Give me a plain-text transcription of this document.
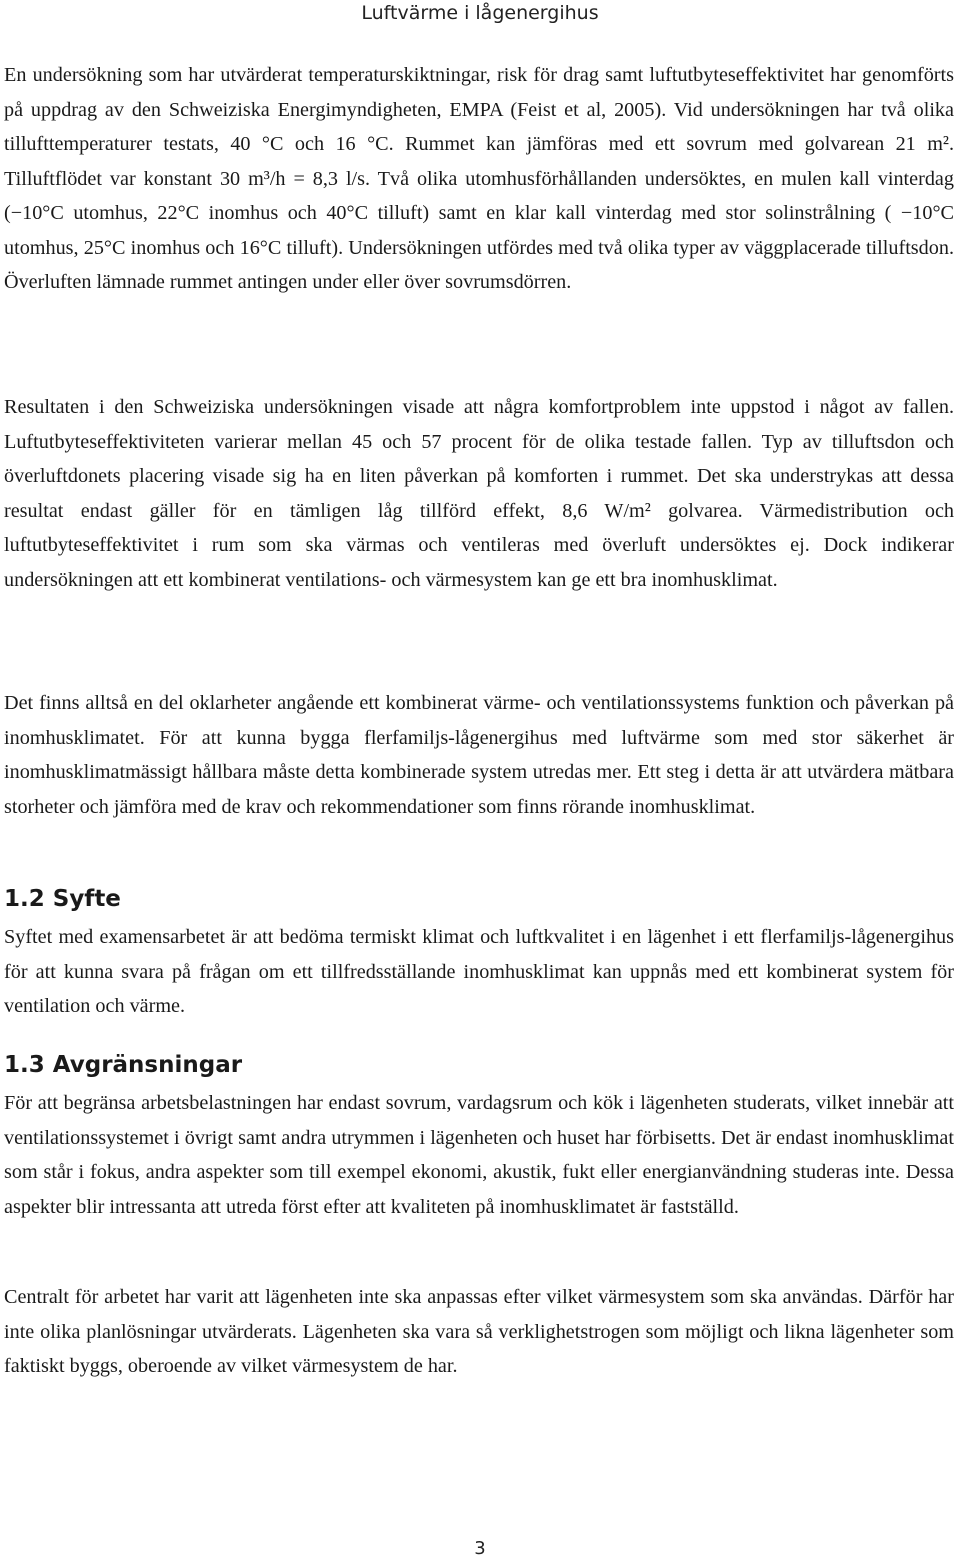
Luftvärme i lågenergihus

En undersökning som har utvärderat temperaturskiktningar, risk för drag samt luftutbyteseffektivitet har genomförts på uppdrag av den Schweiziska Energimyndigheten, EMPA (Feist et al, 2005). Vid undersökningen har två olika tillufttemperaturer testats, 40 °C och 16 °C. Rummet kan jämföras med ett sovrum med golvarean 21 m². Tilluftflödet var konstant 30 m³/h = 8,3 l/s. Två olika utomhusförhållanden undersöktes, en mulen kall vinterdag (−10°C utomhus, 22°C inomhus och 40°C tilluft) samt en klar kall vinterdag med stor solinstrålning ( −10°C utomhus, 25°C inomhus och 16°C tilluft). Undersökningen utfördes med två olika typer av väggplacerade tilluftsdon. Överluften lämnade rummet antingen under eller över sovrumsdörren.

Resultaten i den Schweiziska undersökningen visade att några komfortproblem inte uppstod i något av fallen. Luftutbyteseffektiviteten varierar mellan 45 och 57 procent för de olika testade fallen. Typ av tilluftsdon och överluftdonets placering visade sig ha en liten påverkan på komforten i rummet. Det ska understrykas att dessa resultat endast gäller för en tämligen låg tillförd effekt, 8,6 W/m² golvarea. Värmedistribution och luftutbyteseffektivitet i rum som ska värmas och ventileras med överluft undersöktes ej. Dock indikerar undersökningen att ett kombinerat ventilations- och värmesystem kan ge ett bra inomhusklimat.

Det finns alltså en del oklarheter angående ett kombinerat värme- och ventilationssystems funktion och påverkan på inomhusklimatet. För att kunna bygga flerfamiljs-lågenergihus med luftvärme som med stor säkerhet är inomhusklimatmässigt hållbara måste detta kombinerade system utredas mer. Ett steg i detta är att utvärdera mätbara storheter och jämföra med de krav och rekommendationer som finns rörande inomhusklimat.

1.2 Syfte

Syftet med examensarbetet är att bedöma termiskt klimat och luftkvalitet i en lägenhet i ett flerfamiljs-lågenergihus för att kunna svara på frågan om ett tillfredsställande inomhusklimat kan uppnås med ett kombinerat system för ventilation och värme.

1.3 Avgränsningar

För att begränsa arbetsbelastningen har endast sovrum, vardagsrum och kök i lägenheten studerats, vilket innebär att ventilationssystemet i övrigt samt andra utrymmen i lägenheten och huset har förbisetts. Det är endast inomhusklimat som står i fokus, andra aspekter som till exempel ekonomi, akustik, fukt eller energianvändning studeras inte. Dessa aspekter blir intressanta att utreda först efter att kvaliteten på inomhusklimatet är fastställd.

Centralt för arbetet har varit att lägenheten inte ska anpassas efter vilket värmesystem som ska användas. Därför har inte olika planlösningar utvärderats. Lägenheten ska vara så verklighetstrogen som möjligt och likna lägenheter som faktiskt byggs, oberoende av vilket värmesystem de har.

3
